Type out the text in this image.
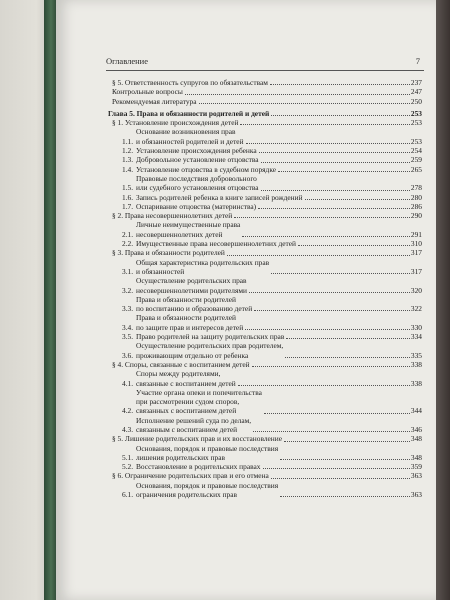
Оглавление	7
§ 5. Ответственность супругов по обязательствам	237
Контрольные вопросы	247
Рекомендуемая литература	250
Глава 5. Права и обязанности родителей и детей	253
§ 1. Установление происхождения детей	253
1.1.
Основание возникновения прав
и обязанностей родителей и детей	253
1.2. Установление происхождения ребенка	254
1.3. Добровольное установление отцовства	259
1.4. Установление отцовства в судебном порядке	265
1.5.
Правовые последствия добровольного
или судебного установления отцовства	278
1.6. Запись родителей ребенка в книге записей рождений	280
1.7. Оспаривание отцовства (материнства)	286
§ 2. Права несовершеннолетних детей	290
2.1.
Личные неимущественные права
несовершеннолетних детей	291
2.2. Имущественные права несовершеннолетних детей	310
§ 3. Права и обязанности родителей	317
3.1.
Общая характеристика родительских прав
и обязанностей	317
3.2.
Осуществление родительских прав
несовершеннолетними родителями	320
3.3.
Права и обязанности родителей
по воспитанию и образованию детей	322
3.4.
Права и обязанности родителей
по защите прав и интересов детей	330
3.5. Право родителей на защиту родительских прав	334
3.6.
Осуществление родительских прав родителем,
проживающим отдельно от ребенка	335
§ 4. Споры, связанные с воспитанием детей	338
4.1.
Споры между родителями,
связанные с воспитанием детей	338
4.2.
Участие органа опеки и попечительства
при рассмотрении судом споров,
связанных с воспитанием детей	344
4.3.
Исполнение решений суда по делам,
связанным с воспитанием детей	346
§ 5. Лишение родительских прав и их восстановление	348
5.1.
Основания, порядок и правовые последствия
лишения родительских прав	348
5.2. Восстановление в родительских правах	359
§ 6. Ограничение родительских прав и его отмена	363
6.1.
Основания, порядок и правовые последствия
ограничения родительских прав	363
